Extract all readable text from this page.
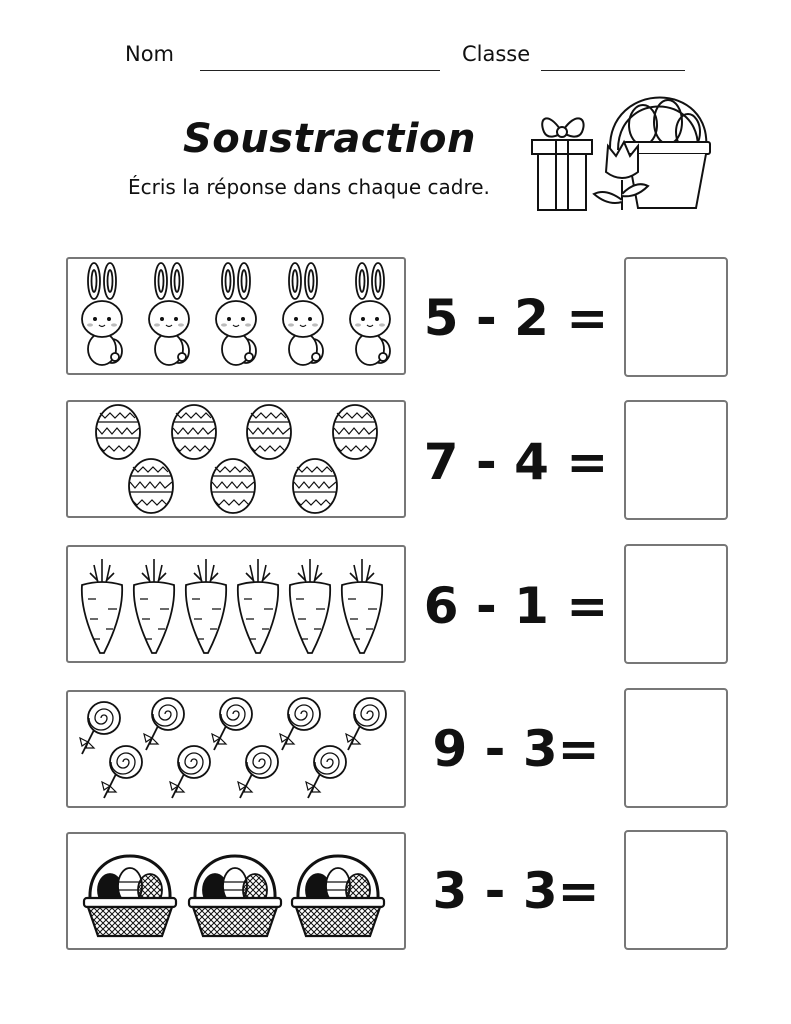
Nom	Classe
Soustraction
Écris la réponse dans chaque cadre.
5 - 2 =
7 - 4 =
6 - 1 =
9 - 3=
3 - 3=
